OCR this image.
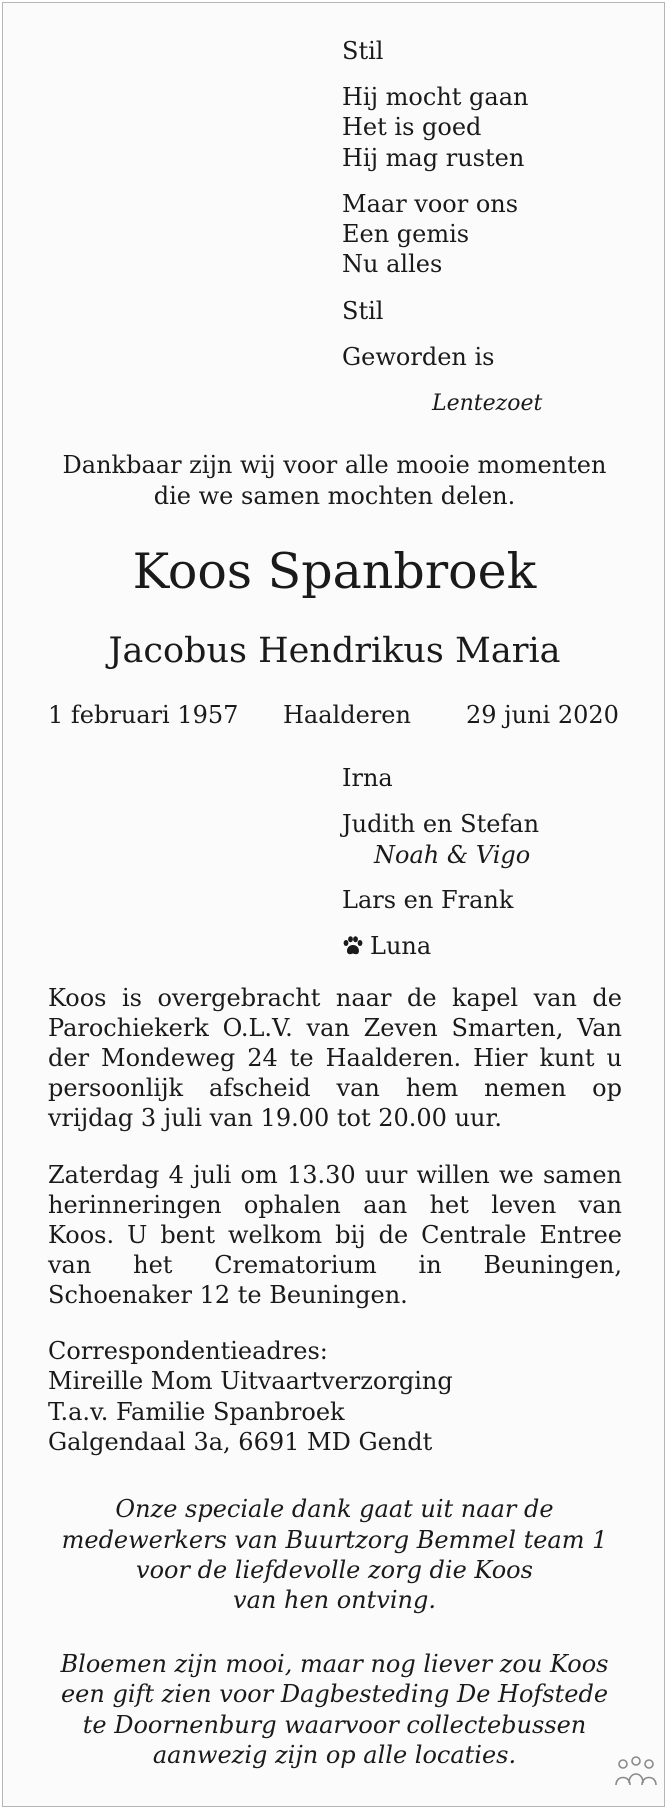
Stil
Hij mocht gaan
Het is goed
Hij mag rusten
Maar voor ons
Een gemis
Nu alles
Stil
Geworden is
Lentezoet
Dankbaar zijn wij voor alle mooie momenten
die we samen mochten delen.
Koos Spanbroek
Jacobus Hendrikus Maria
1 februari 1957 Haalderen 29 juni 2020
Irna
Judith en Stefan
Noah & Vigo
Lars en Frank
Luna
Koos is overgebracht naar de kapel van de Parochiekerk O.L.V. van Zeven Smarten, Van der Mondeweg 24 te Haalderen. Hier kunt u persoonlijk afscheid van hem nemen op vrijdag 3 juli van 19.00 tot 20.00 uur.
Zaterdag 4 juli om 13.30 uur willen we samen herinneringen ophalen aan het leven van Koos. U bent welkom bij de Centrale Entree van het Crematorium in Beuningen, Schoenaker 12 te Beuningen.
Correspondentieadres:
Mireille Mom Uitvaartverzorging
T.a.v. Familie Spanbroek
Galgendaal 3a, 6691 MD Gendt
Onze speciale dank gaat uit naar de
medewerkers van Buurtzorg Bemmel team 1
voor de liefdevolle zorg die Koos
van hen ontving.
Bloemen zijn mooi, maar nog liever zou Koos
een gift zien voor Dagbesteding De Hofstede
te Doornenburg waarvoor collectebussen
aanwezig zijn op alle locaties.
